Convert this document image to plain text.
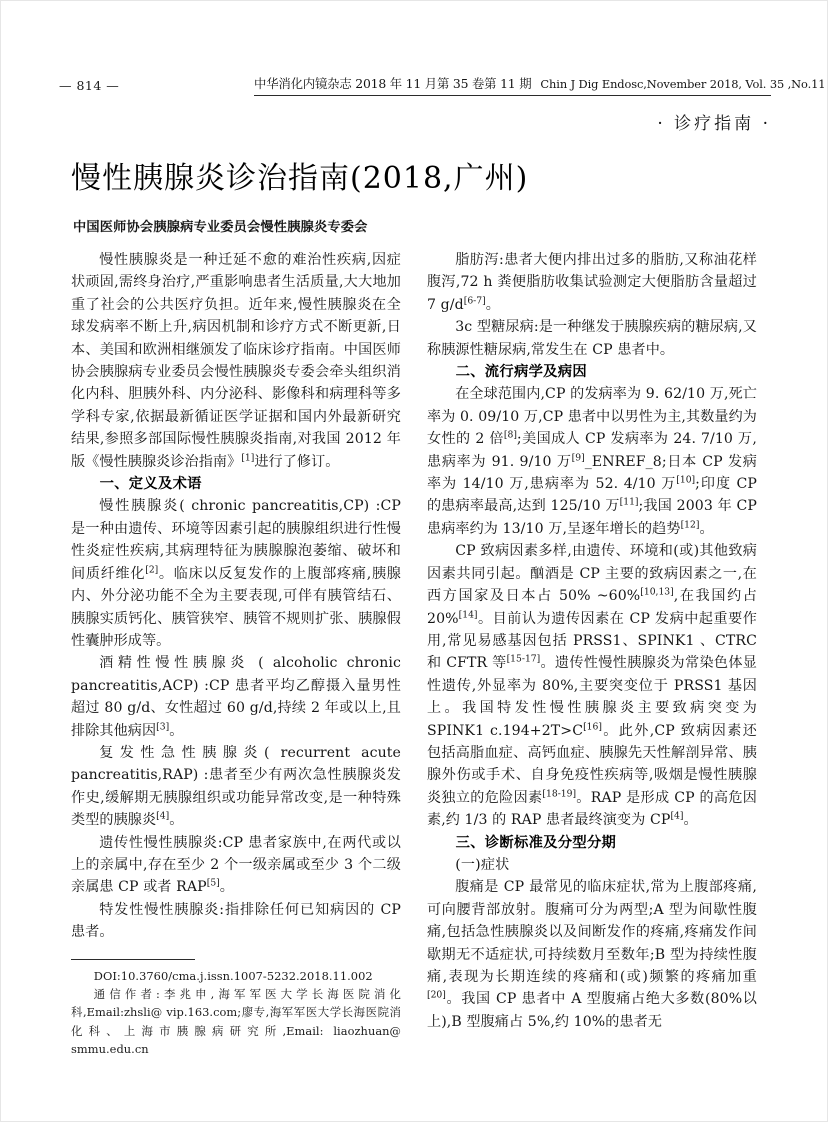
— 814 —	中华消化内镜杂志 2018 年 11 月第 35 卷第 11 期 Chin J Dig Endosc,November 2018, Vol. 35 ,No.11
· 诊疗指南 ·
慢性胰腺炎诊治指南(2018,广州)
中国医师协会胰腺病专业委员会慢性胰腺炎专委会

慢性胰腺炎是一种迁延不愈的难治性疾病,因症状顽固,需终身治疗,严重影响患者生活质量,大大地加重了社会的公共医疗负担。近年来,慢性胰腺炎在全球发病率不断上升,病因机制和诊疗方式不断更新,日本、美国和欧洲相继颁发了临床诊疗指南。中国医师协会胰腺病专业委员会慢性胰腺炎专委会牵头组织消化内科、胆胰外科、内分泌科、影像科和病理科等多学科专家,依据最新循证医学证据和国内外最新研究结果,参照多部国际慢性胰腺炎指南,对我国 2012 年版《慢性胰腺炎诊治指南》[1]进行了修订。

一、定义及术语

慢性胰腺炎( chronic pancreatitis,CP) :CP 是一种由遗传、环境等因素引起的胰腺组织进行性慢性炎症性疾病,其病理特征为胰腺腺泡萎缩、破坏和间质纤维化[2]。临床以反复发作的上腹部疼痛,胰腺内、外分泌功能不全为主要表现,可伴有胰管结石、胰腺实质钙化、胰管狭窄、胰管不规则扩张、胰腺假性囊肿形成等。

酒精性慢性胰腺炎 ( alcoholic chronic pancreatitis,ACP) :CP 患者平均乙醇摄入量男性超过 80 g/d、女性超过 60 g/d,持续 2 年或以上,且排除其他病因[3]。

复发性急性胰腺炎( recurrent acute pancreatitis,RAP) :患者至少有两次急性胰腺炎发作史,缓解期无胰腺组织或功能异常改变,是一种特殊类型的胰腺炎[4]。

遗传性慢性胰腺炎:CP 患者家族中,在两代或以上的亲属中,存在至少 2 个一级亲属或至少 3 个二级亲属患 CP 或者 RAP[5]。

特发性慢性胰腺炎:指排除任何已知病因的 CP 患者。

脂肪泻:患者大便内排出过多的脂肪,又称油花样腹泻,72 h 粪便脂肪收集试验测定大便脂肪含量超过 7 g/d[6-7]。

3c 型糖尿病:是一种继发于胰腺疾病的糖尿病,又称胰源性糖尿病,常发生在 CP 患者中。

二、流行病学及病因

在全球范围内,CP 的发病率为 9. 62/10 万,死亡率为 0. 09/10 万,CP 患者中以男性为主,其数量约为女性的 2 倍[8];美国成人 CP 发病率为 24. 7/10 万,患病率为 91. 9/10 万[9]_ENREF_8;日本 CP 发病率为 14/10 万,患病率为 52. 4/10 万[10];印度 CP 的患病率最高,达到 125/10 万[11];我国 2003 年 CP 患病率约为 13/10 万,呈逐年增长的趋势[12]。

CP 致病因素多样,由遗传、环境和(或)其他致病因素共同引起。酗酒是 CP 主要的致病因素之一,在西方国家及日本占 50% ~60%[10,13],在我国约占 20%[14]。目前认为遗传因素在 CP 发病中起重要作用,常见易感基因包括 PRSS1、SPINK1 、CTRC 和 CFTR 等[15-17]。遗传性慢性胰腺炎为常染色体显性遗传,外显率为 80%,主要突变位于 PRSS1 基因上。我国特发性慢性胰腺炎主要致病突变为 SPINK1 c.194+2T>C[16]。此外,CP 致病因素还包括高脂血症、高钙血症、胰腺先天性解剖异常、胰腺外伤或手术、自身免疫性疾病等,吸烟是慢性胰腺炎独立的危险因素[18-19]。RAP 是形成 CP 的高危因素,约 1/3 的 RAP 患者最终演变为 CP[4]。

三、诊断标准及分型分期

(一)症状

腹痛是 CP 最常见的临床症状,常为上腹部疼痛,可向腰背部放射。腹痛可分为两型;A 型为间歇性腹痛,包括急性胰腺炎以及间断发作的疼痛,疼痛发作间歇期无不适症状,可持续数月至数年;B 型为持续性腹痛,表现为长期连续的疼痛和(或)频繁的疼痛加重[20]。我国 CP 患者中 A 型腹痛占绝大多数(80%以上),B 型腹痛占 5%,约 10%的患者无

DOI:10.3760/cma.j.issn.1007-5232.2018.11.002

通信作者:李兆申,海军军医大学长海医院消化科,Email:zhsli@ vip.163.com;廖专,海军军医大学长海医院消化科、上海市胰腺病研究所,Email: liaozhuan@ smmu.edu.cn
